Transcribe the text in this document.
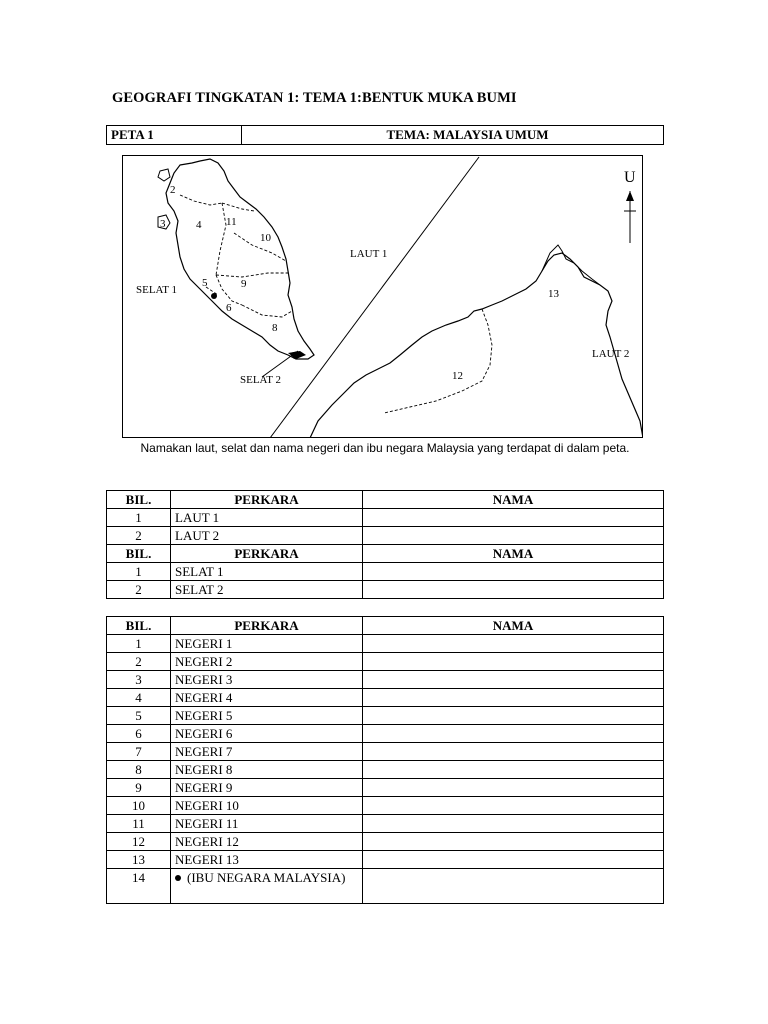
GEOGRAFI TINGKATAN 1: TEMA 1:BENTUK MUKA BUMI
PETA 1	TEMA: MALAYSIA UMUM
U
2
3	4 11
10
9
5
6
8
SELAT 1
SELAT 2
LAUT 1
13
12
LAUT 2
Namakan laut, selat dan nama negeri dan ibu negara Malaysia yang terdapat di dalam peta.
BIL.	PERKARA	NAMA
1	LAUT 1	
2	LAUT 2	
BIL.	PERKARA	NAMA
1	SELAT 1	
2	SELAT 2	
BIL.	PERKARA	NAMA
1	NEGERI 1	
2	NEGERI 2	
3	NEGERI 3	
4	NEGERI 4	
5	NEGERI 5	
6	NEGERI 6	
7	NEGERI 7	
8	NEGERI 8	
9	NEGERI 9	
10	NEGERI 10	
11	NEGERI 11	
12	NEGERI 12	
13	NEGERI 13	
14	(IBU NEGARA MALAYSIA)	
